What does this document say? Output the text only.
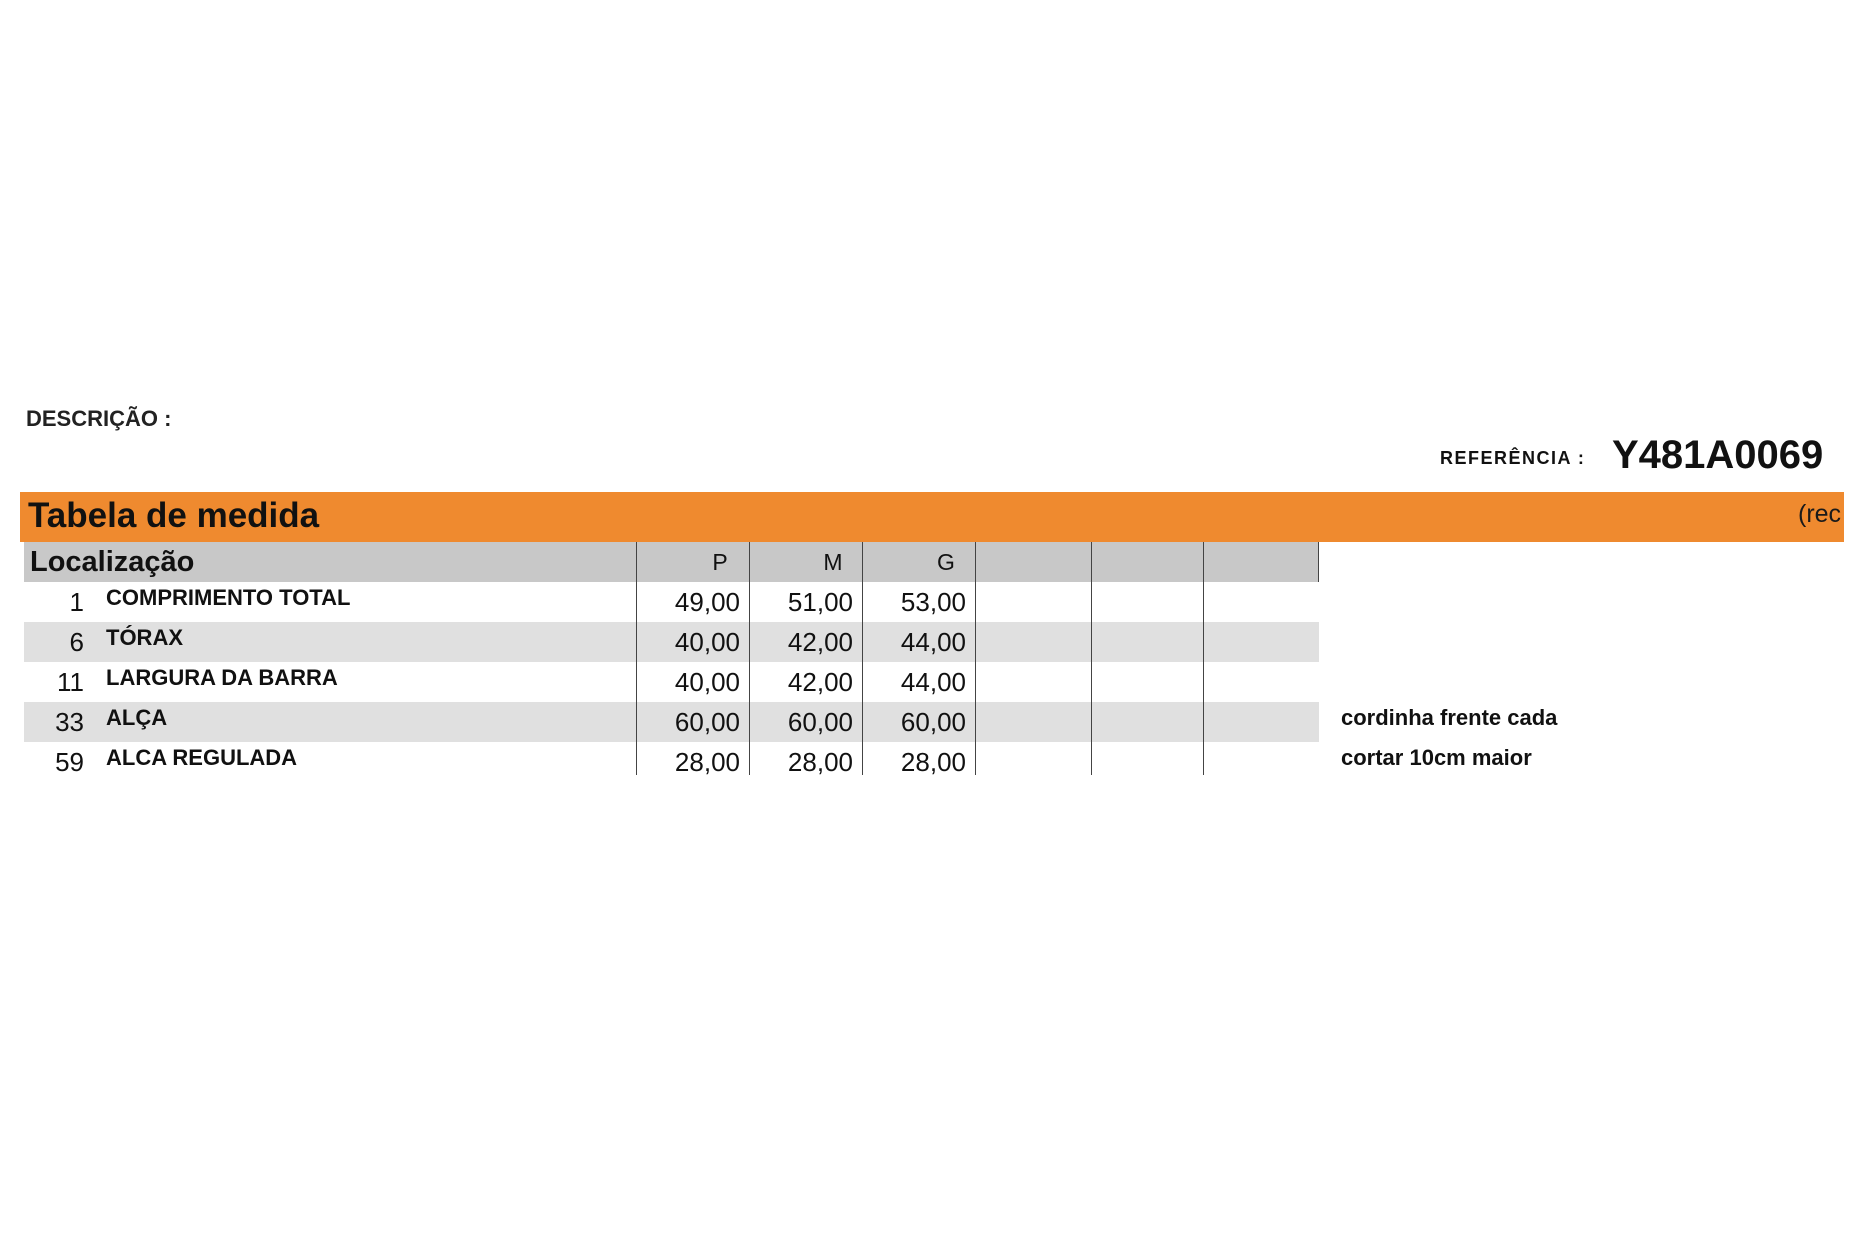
DESCRIÇÃO :
REFERÊNCIA : Y481A0069
Tabela de medida	(rec
Localização	P	M	G
1 COMPRIMENTO TOTAL	49,00	51,00	53,00
6 TÓRAX	40,00	42,00	44,00
11 LARGURA DA BARRA	40,00	42,00	44,00
33 ALÇA	60,00	60,00	60,00	cordinha frente cada
59 ALCA REGULADA	28,00	28,00	28,00	cortar 10cm maior
